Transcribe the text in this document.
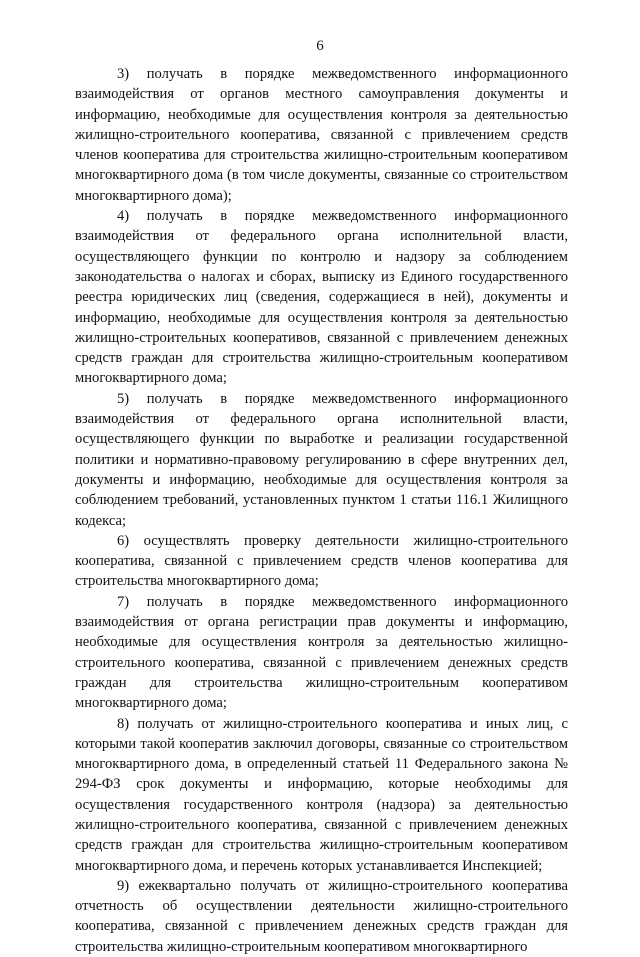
6

3) получать в порядке межведомственного информационного взаимодействия от органов местного самоуправления документы и информацию, необходимые для осуществления контроля за деятельностью жилищно-строительного кооператива, связанной с привлечением средств членов кооператива для строительства жилищно-строительным кооперативом многоквартирного дома (в том числе документы, связанные со строительством многоквартирного дома);

4) получать в порядке межведомственного информационного взаимодействия от федерального органа исполнительной власти, осуществляющего функции по контролю и надзору за соблюдением законодательства о налогах и сборах, выписку из Единого государственного реестра юридических лиц (сведения, содержащиеся в ней), документы и информацию, необходимые для осуществления контроля за деятельностью жилищно-строительных кооперативов, связанной с привлечением денежных средств граждан для строительства жилищно-строительным кооперативом многоквартирного дома;

5) получать в порядке межведомственного информационного взаимодействия от федерального органа исполнительной власти, осуществляющего функции по выработке и реализации государственной политики и нормативно-правовому регулированию в сфере внутренних дел, документы и информацию, необходимые для осуществления контроля за соблюдением требований, установленных пунктом 1 статьи 116.1 Жилищного кодекса;

6) осуществлять проверку деятельности жилищно-строительного кооператива, связанной с привлечением средств членов кооператива для строительства многоквартирного дома;

7) получать в порядке межведомственного информационного взаимодействия от органа регистрации прав документы и информацию, необходимые для осуществления контроля за деятельностью жилищно-строительного кооператива, связанной с привлечением денежных средств граждан для строительства жилищно-строительным кооперативом многоквартирного дома;

8) получать от жилищно-строительного кооператива и иных лиц, с которыми такой кооператив заключил договоры, связанные со строительством многоквартирного дома, в определенный статьей 11 Федерального закона № 294-ФЗ срок документы и информацию, которые необходимы для осуществления государственного контроля (надзора) за деятельностью жилищно-строительного кооператива, связанной с привлечением денежных средств граждан для строительства жилищно-строительным кооперативом многоквартирного дома, и перечень которых устанавливается Инспекцией;

9) ежеквартально получать от жилищно-строительного кооператива отчетность об осуществлении деятельности жилищно-строительного кооператива, связанной с привлечением денежных средств граждан для строительства жилищно-строительным кооперативом многоквартирного
